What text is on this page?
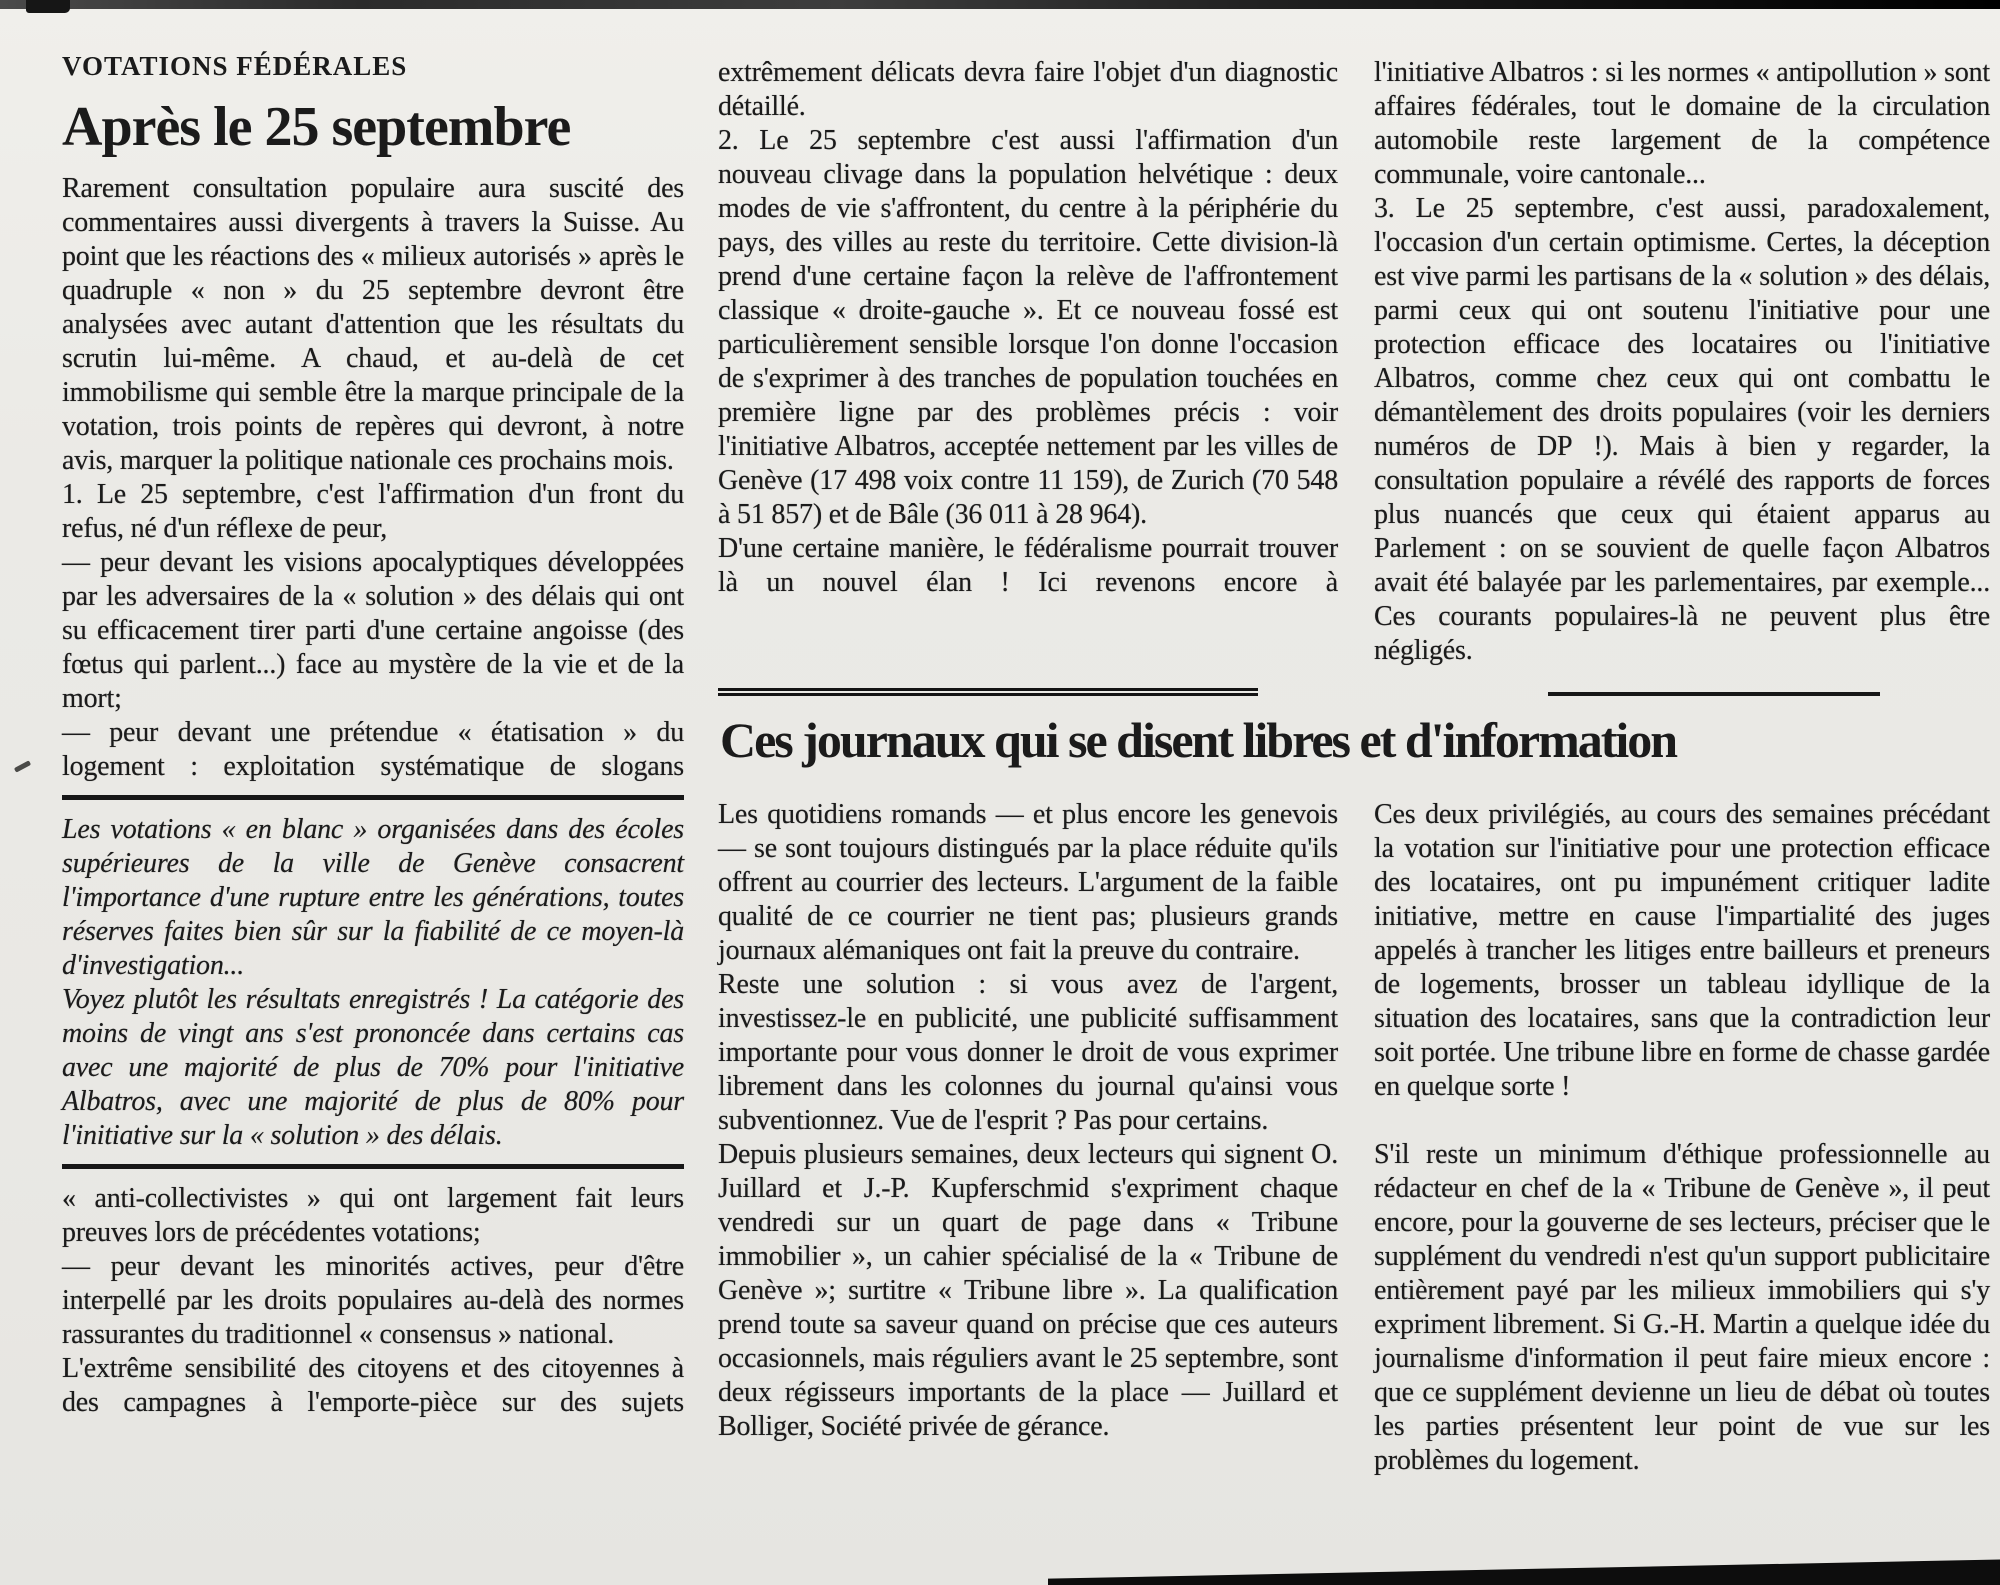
VOTATIONS FÉDÉRALES
Après le 25 septembre

Rarement consultation populaire aura suscité des commentaires aussi divergents à travers la Suisse. Au point que les réactions des « milieux autorisés » après le quadruple « non » du 25 septembre devront être analysées avec autant d'attention que les résultats du scrutin lui-même. A chaud, et au-delà de cet immobilisme qui semble être la marque principale de la votation, trois points de repères qui devront, à notre avis, marquer la politique nationale ces prochains mois.

1. Le 25 septembre, c'est l'affirmation d'un front du refus, né d'un réflexe de peur,

— peur devant les visions apocalyptiques développées par les adversaires de la « solution » des délais qui ont su efficacement tirer parti d'une certaine angoisse (des fœtus qui parlent...) face au mystère de la vie et de la mort;

— peur devant une prétendue « étatisation » du logement : exploitation systématique de slogans

Les votations « en blanc » organisées dans des écoles supérieures de la ville de Genève consacrent l'importance d'une rupture entre les générations, toutes réserves faites bien sûr sur la fiabilité de ce moyen-là d'investigation...

Voyez plutôt les résultats enregistrés ! La catégorie des moins de vingt ans s'est prononcée dans certains cas avec une majorité de plus de 70% pour l'initiative Albatros, avec une majorité de plus de 80% pour l'initiative sur la « solution » des délais.

« anti-collectivistes » qui ont largement fait leurs preuves lors de précédentes votations;

— peur devant les minorités actives, peur d'être interpellé par les droits populaires au-delà des normes rassurantes du traditionnel « consensus » national.

L'extrême sensibilité des citoyens et des citoyennes à des campagnes à l'emporte-pièce sur des sujets

extrêmement délicats devra faire l'objet d'un diagnostic détaillé.

2. Le 25 septembre c'est aussi l'affirmation d'un nouveau clivage dans la population helvétique : deux modes de vie s'affrontent, du centre à la périphérie du pays, des villes au reste du territoire. Cette division-là prend d'une certaine façon la relève de l'affrontement classique « droite-gauche ». Et ce nouveau fossé est particulièrement sensible lorsque l'on donne l'occasion de s'exprimer à des tranches de population touchées en première ligne par des problèmes précis : voir l'initiative Albatros, acceptée nettement par les villes de Genève (17 498 voix contre 11 159), de Zurich (70 548 à 51 857) et de Bâle (36 011 à 28 964).

D'une certaine manière, le fédéralisme pourrait trouver là un nouvel élan ! Ici revenons encore à

l'initiative Albatros : si les normes « antipollution » sont affaires fédérales, tout le domaine de la circulation automobile reste largement de la compétence communale, voire cantonale...

3. Le 25 septembre, c'est aussi, paradoxalement, l'occasion d'un certain optimisme. Certes, la déception est vive parmi les partisans de la « solution » des délais, parmi ceux qui ont soutenu l'initiative pour une protection efficace des locataires ou l'initiative Albatros, comme chez ceux qui ont combattu le démantèlement des droits populaires (voir les derniers numéros de DP !). Mais à bien y regarder, la consultation populaire a révélé des rapports de forces plus nuancés que ceux qui étaient apparus au Parlement : on se souvient de quelle façon Albatros avait été balayée par les parlementaires, par exemple... Ces courants populaires-là ne peuvent plus être négligés.

Ces journaux qui se disent libres et d'information

Les quotidiens romands — et plus encore les genevois — se sont toujours distingués par la place réduite qu'ils offrent au courrier des lecteurs. L'argument de la faible qualité de ce courrier ne tient pas; plusieurs grands journaux alémaniques ont fait la preuve du contraire.

Reste une solution : si vous avez de l'argent, investissez-le en publicité, une publicité suffisamment importante pour vous donner le droit de vous exprimer librement dans les colonnes du journal qu'ainsi vous subventionnez. Vue de l'esprit ? Pas pour certains.

Depuis plusieurs semaines, deux lecteurs qui signent O. Juillard et J.-P. Kupferschmid s'expriment chaque vendredi sur un quart de page dans « Tribune immobilier », un cahier spécialisé de la « Tribune de Genève »; surtitre « Tribune libre ». La qualification prend toute sa saveur quand on précise que ces auteurs occasionnels, mais réguliers avant le 25 septembre, sont deux régisseurs importants de la place — Juillard et Bolliger, Société privée de gérance.

Ces deux privilégiés, au cours des semaines précédant la votation sur l'initiative pour une protection efficace des locataires, ont pu impunément critiquer ladite initiative, mettre en cause l'impartialité des juges appelés à trancher les litiges entre bailleurs et preneurs de logements, brosser un tableau idyllique de la situation des locataires, sans que la contradiction leur soit portée. Une tribune libre en forme de chasse gardée en quelque sorte !

S'il reste un minimum d'éthique professionnelle au rédacteur en chef de la « Tribune de Genève », il peut encore, pour la gouverne de ses lecteurs, préciser que le supplément du vendredi n'est qu'un support publicitaire entièrement payé par les milieux immobiliers qui s'y expriment librement. Si G.-H. Martin a quelque idée du journalisme d'information il peut faire mieux encore : que ce supplément devienne un lieu de débat où toutes les parties présentent leur point de vue sur les problèmes du logement.
